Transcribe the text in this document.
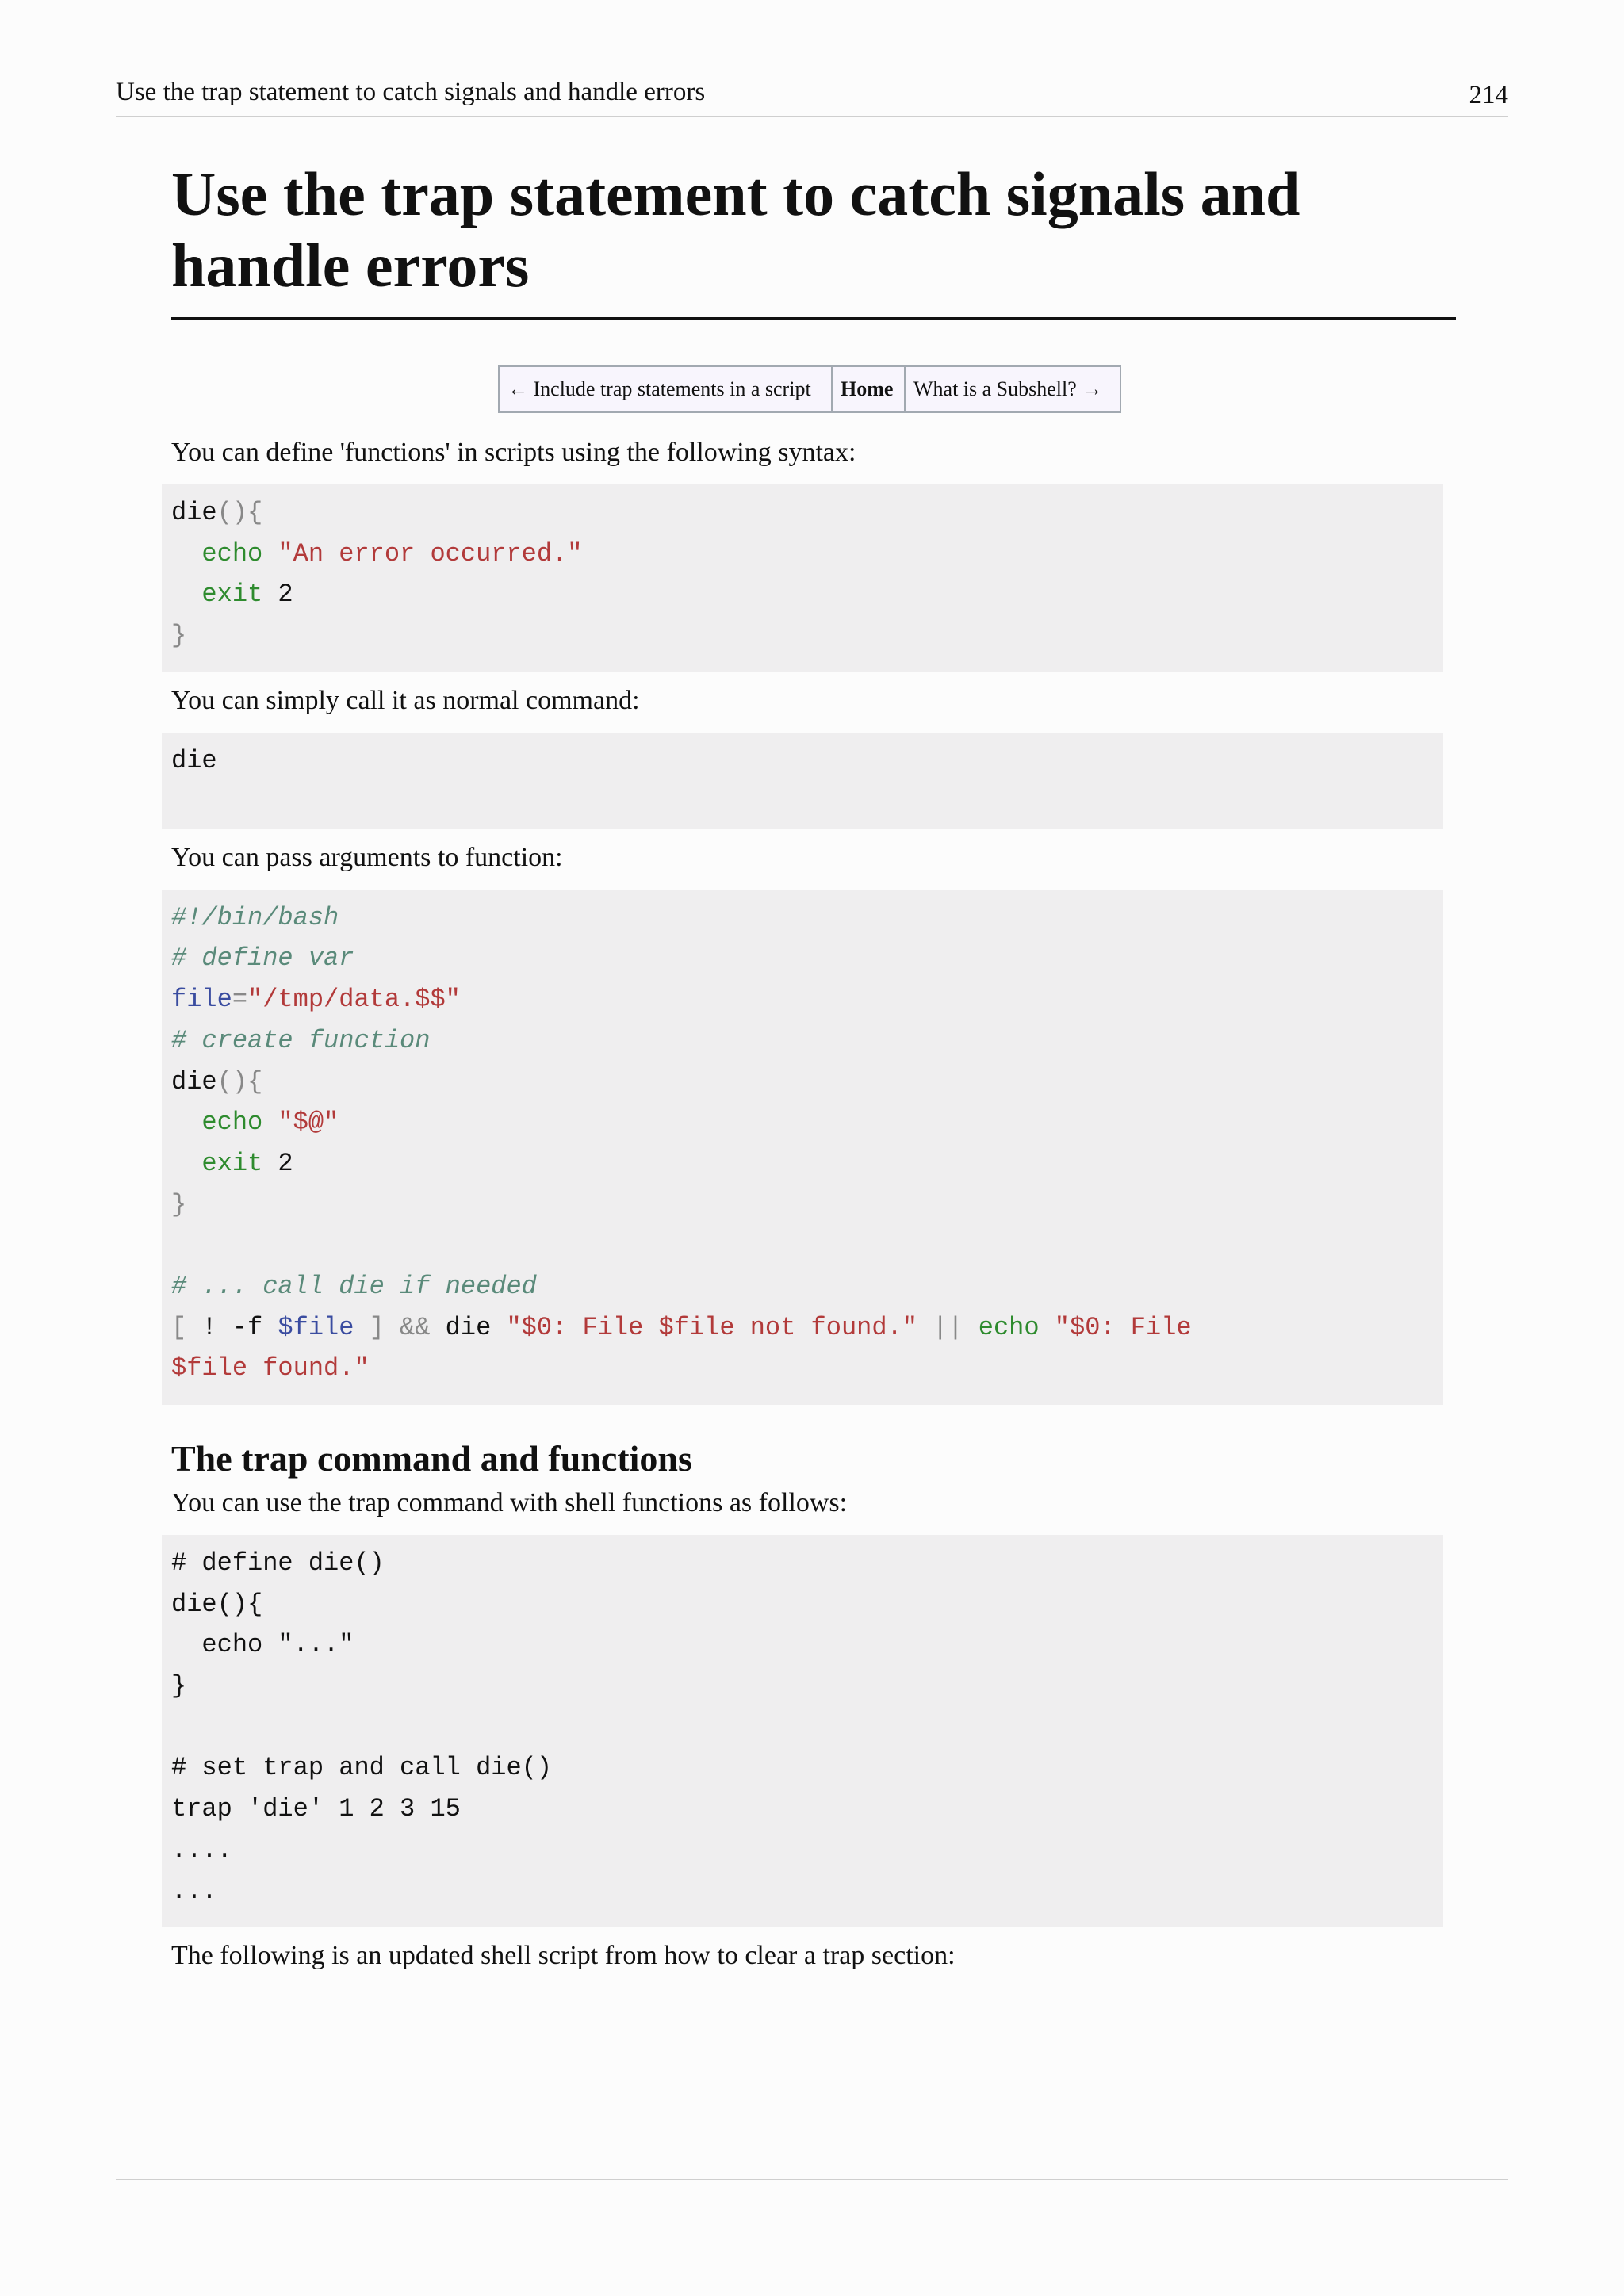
Use the trap statement to catch signals and handle errors	214
Use the trap statement to catch signals and
handle errors
← Include trap statements in a script	Home	What is a Subshell? →

You can define 'functions' in scripts using the following syntax:

die(){
echo "An error occurred."
exit 2
}

You can simply call it as normal command:

die

You can pass arguments to function:

#!/bin/bash
# define var
file="/tmp/data.$$"
# create function
die(){
echo "$@"
exit 2
}
# ... call die if needed
[ ! -f $file ] && die "$0: File $file not found." || echo "$0: File
$file found."
The trap command and functions

You can use the trap command with shell functions as follows:

# define die()
die(){
echo "..."
}
# set trap and call die()
trap 'die' 1 2 3 15
....
...

The following is an updated shell script from how to clear a trap section:
